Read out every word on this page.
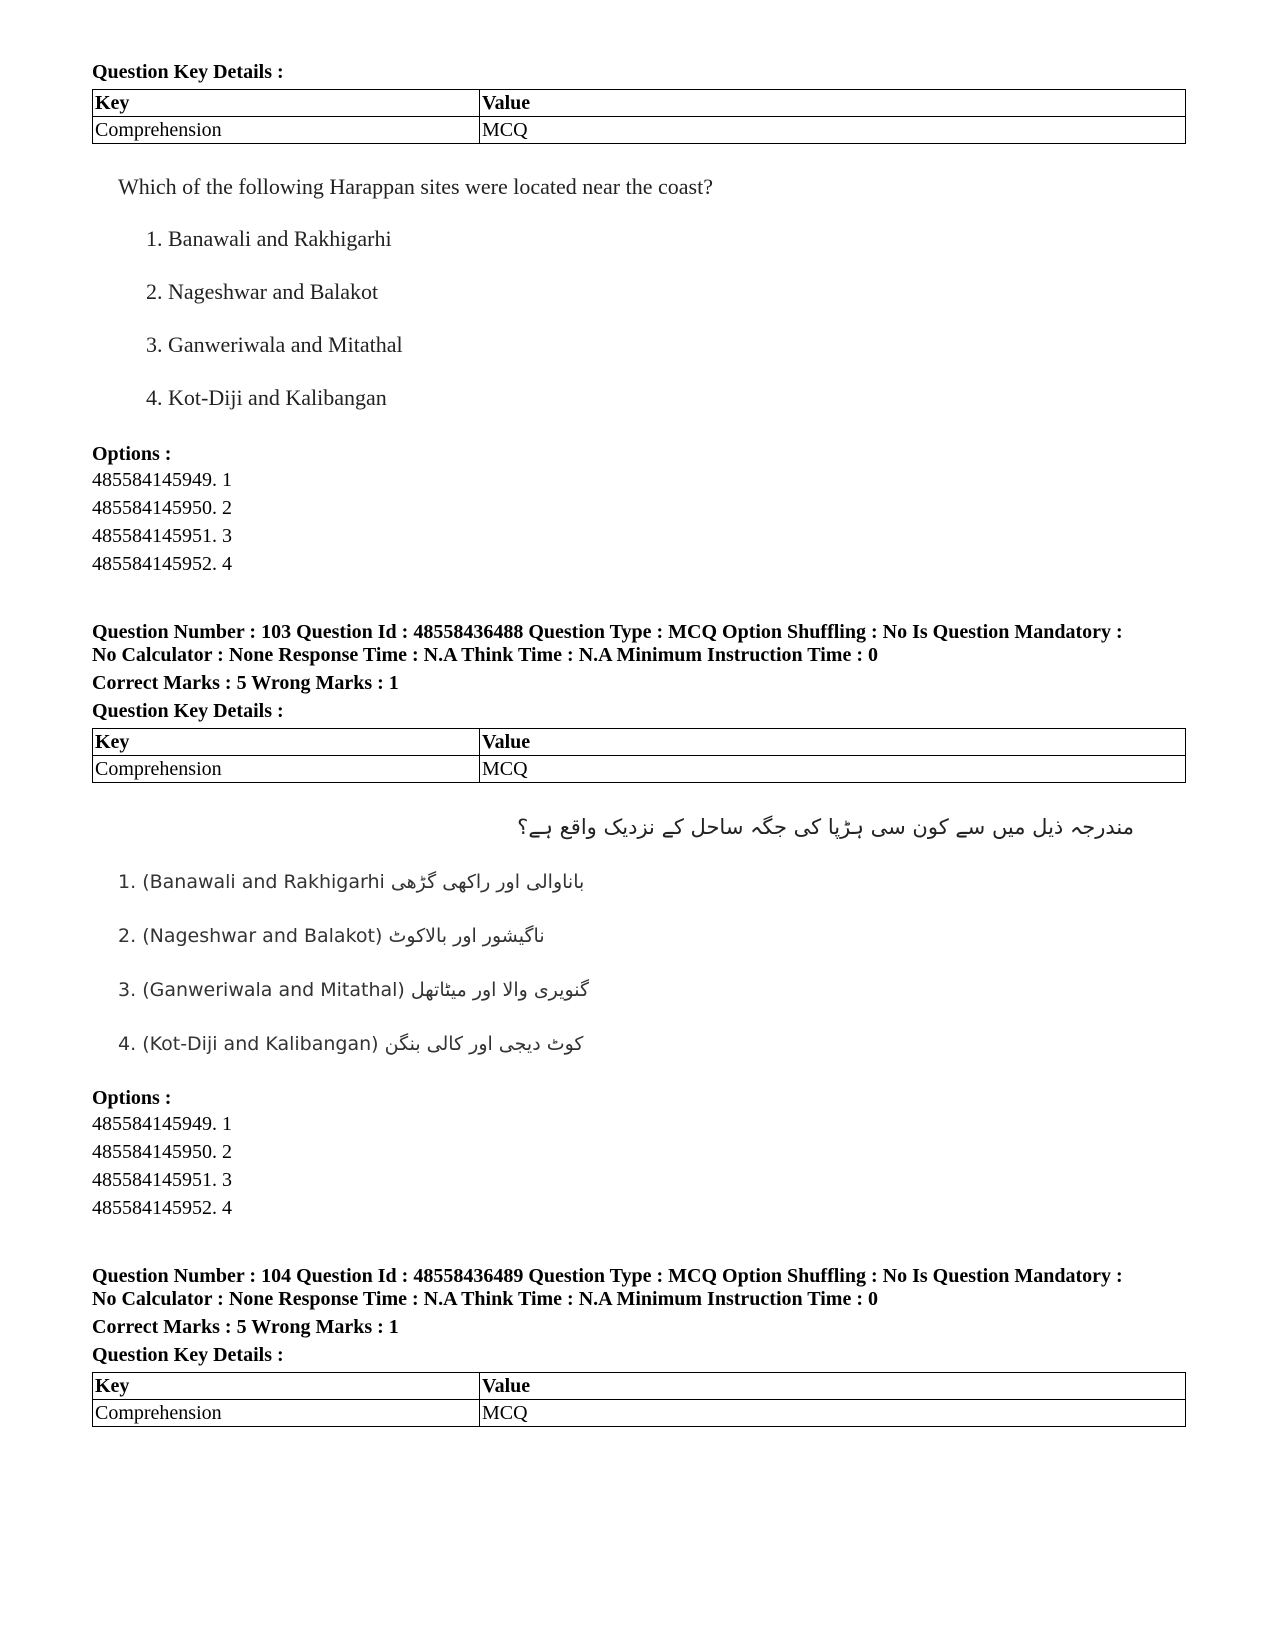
Question Key Details :
Key	Value
Comprehension	MCQ
Which of the following Harappan sites were located near the coast?
1. Banawali and Rakhigarhi
2. Nageshwar and Balakot
3. Ganweriwala and Mitathal
4. Kot-Diji and Kalibangan
Options :
485584145949. 1
485584145950. 2
485584145951. 3
485584145952. 4
Question Number : 103 Question Id : 48558436488 Question Type : MCQ Option Shuffling : No Is Question Mandatory :
No Calculator : None Response Time : N.A Think Time : N.A Minimum Instruction Time : 0
Correct Marks : 5 Wrong Marks : 1
Question Key Details :
Key	Value
Comprehension	MCQ
مندرجہ ذیل میں سے کون سی ہڑپا کی جگہ ساحل کے نزدیک واقع ہے؟
1. (Banawali and Rakhigarhi باناوالی اور راکھی گڑھی
2. (Nageshwar and Balakot) ناگیشور اور بالاکوٹ
3. (Ganweriwala and Mitathal) گنویری والا اور میٹاتھل
4. (Kot-Diji and Kalibangan) کوٹ دیجی اور کالی بنگن
Options :
485584145949. 1
485584145950. 2
485584145951. 3
485584145952. 4
Question Number : 104 Question Id : 48558436489 Question Type : MCQ Option Shuffling : No Is Question Mandatory :
No Calculator : None Response Time : N.A Think Time : N.A Minimum Instruction Time : 0
Correct Marks : 5 Wrong Marks : 1
Question Key Details :
Key	Value
Comprehension	MCQ
